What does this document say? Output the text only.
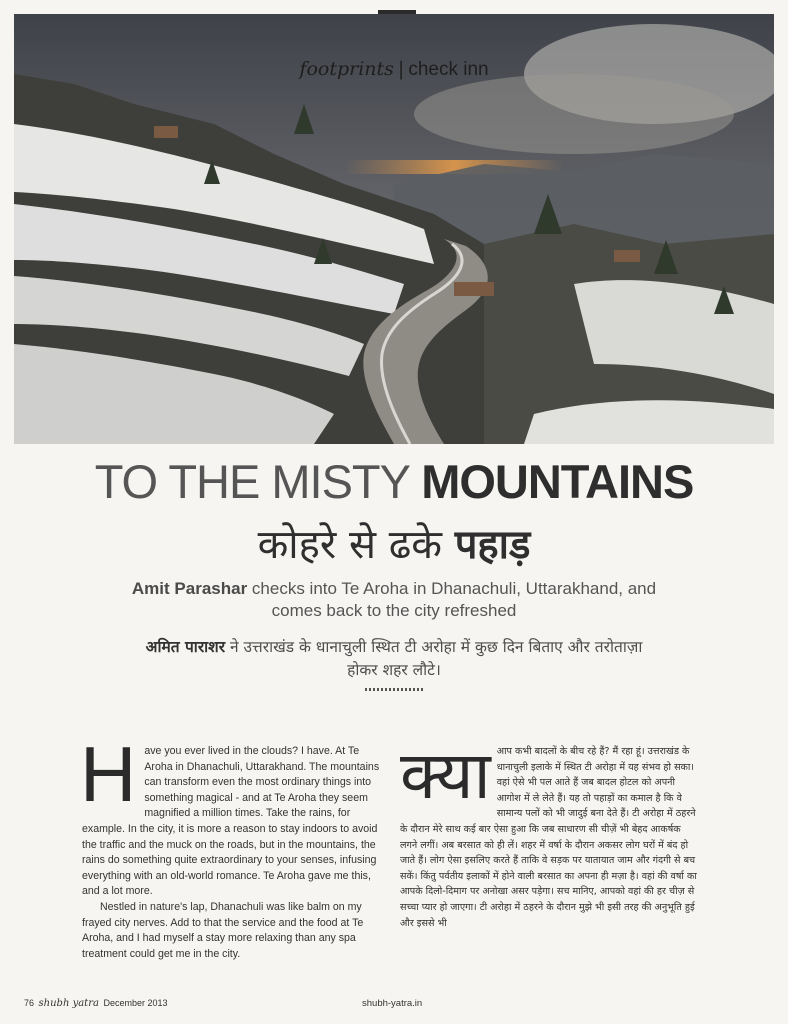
footprints | check inn
TO THE MISTY MOUNTAINS
कोहरे से ढके पहाड़
Amit Parashar checks into Te Aroha in Dhanachuli, Uttarakhand, and comes back to the city refreshed
अमित पाराशर ने उत्तराखंड के धानाचुली स्थित टी अरोहा में कुछ दिन बिताए और तरोताज़ा होकर शहर लौटे।
H ave you ever lived in the clouds? I have. At Te Aroha in Dhanachuli, Uttarakhand. The mountains can transform even the most ordinary things into something magical - and at Te Aroha they seem magnified a million times. Take the rains, for example. In the city, it is more a reason to stay indoors to avoid the traffic and the muck on the roads, but in the mountains, the rains do something quite extraordinary to your senses, infusing everything with an old-world romance. Te Aroha gave me this, and a lot more.

Nestled in nature's lap, Dhanachuli was like balm on my frayed city nerves. Add to that the service and the food at Te Aroha, and I had myself a stay more relaxing than any spa treatment could get me in the city.

क्या आप कभी बादलों के बीच रहे हैं? मैं रहा हूं। उत्तराखंड के धानाचुली इलाके में स्थित टी अरोहा में यह संभव हो सका। वहां ऐसे भी पल आते हैं जब बादल होटल को अपनी आगोश में ले लेते हैं। यह तो पहाड़ों का कमाल है कि वे सामान्य पलों को भी जादुई बना देते हैं। टी अरोहा में ठहरने के दौरान मेरे साथ कई बार ऐसा हुआ कि जब साधारण सी चीज़ें भी बेहद आकर्षक लगने लगीं। अब बरसात को ही लें। शहर में वर्षा के दौरान अकसर लोग घरों में बंद हो जाते हैं। लोग ऐसा इसलिए करते हैं ताकि वे सड़क पर यातायात जाम और गंदगी से बच सकें। किंतु पर्वतीय इलाकों में होने वाली बरसात का अपना ही मज़ा है। वहां की वर्षा का आपके दिलो-दिमाग पर अनोखा असर पड़ेगा। सच मानिए, आपको वहां की हर चीज़ से सच्चा प्यार हो जाएगा। टी अरोहा में ठहरने के दौरान मुझे भी इसी तरह की अनुभूति हुई और इससे भी

76 shubh yatra December 2013	shubh-yatra.in
